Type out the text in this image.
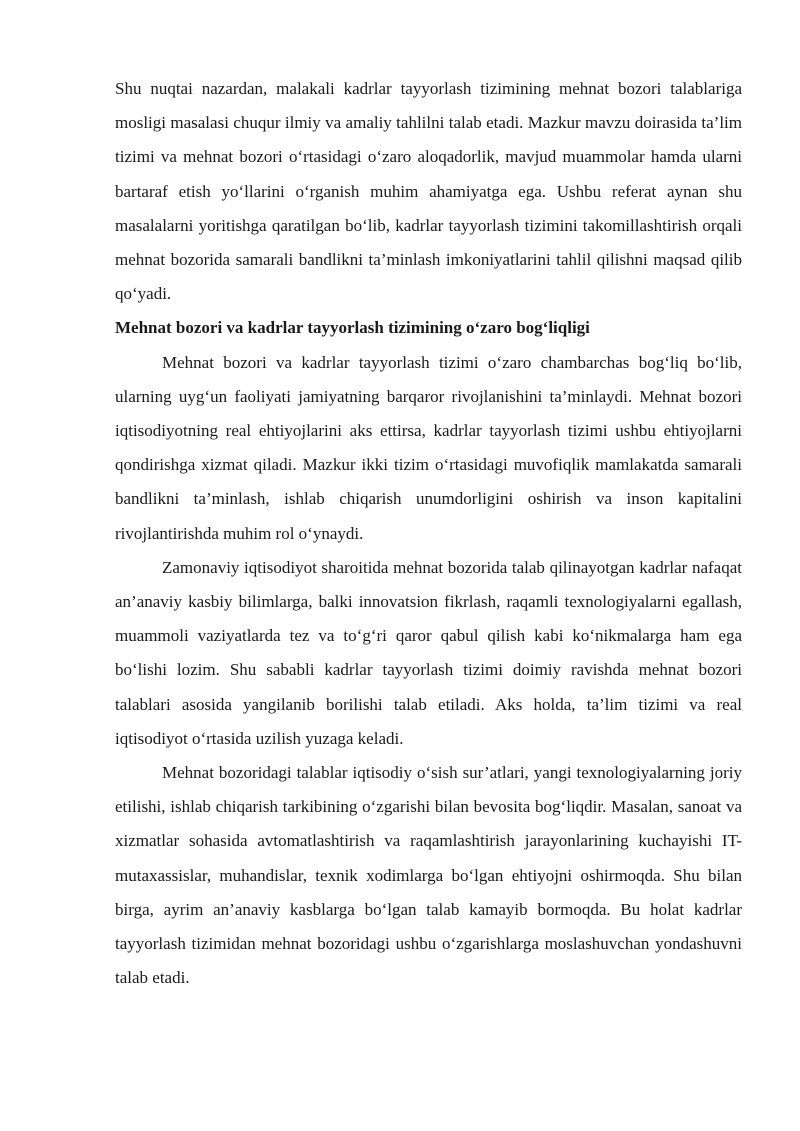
Shu nuqtai nazardan, malakali kadrlar tayyorlash tizimining mehnat bozori talablariga mosligi masalasi chuqur ilmiy va amaliy tahlilni talab etadi. Mazkur mavzu doirasida ta’lim tizimi va mehnat bozori o‘rtasidagi o‘zaro aloqadorlik, mavjud muammolar hamda ularni bartaraf etish yo‘llarini o‘rganish muhim ahamiyatga ega. Ushbu referat aynan shu masalalarni yoritishga qaratilgan bo‘lib, kadrlar tayyorlash tizimini takomillashtirish orqali mehnat bozorida samarali bandlikni ta’minlash imkoniyatlarini tahlil qilishni maqsad qilib qo‘yadi.

Mehnat bozori va kadrlar tayyorlash tizimining o‘zaro bog‘liqligi

Mehnat bozori va kadrlar tayyorlash tizimi o‘zaro chambarchas bog‘liq bo‘lib, ularning uyg‘un faoliyati jamiyatning barqaror rivojlanishini ta’minlaydi. Mehnat bozori iqtisodiyotning real ehtiyojlarini aks ettirsa, kadrlar tayyorlash tizimi ushbu ehtiyojlarni qondirishga xizmat qiladi. Mazkur ikki tizim o‘rtasidagi muvofiqlik mamlakatda samarali bandlikni ta’minlash, ishlab chiqarish unumdorligini oshirish va inson kapitalini rivojlantirishda muhim rol o‘ynaydi.

Zamonaviy iqtisodiyot sharoitida mehnat bozorida talab qilinayotgan kadrlar nafaqat an’anaviy kasbiy bilimlarga, balki innovatsion fikrlash, raqamli texnologiyalarni egallash, muammoli vaziyatlarda tez va to‘g‘ri qaror qabul qilish kabi ko‘nikmalarga ham ega bo‘lishi lozim. Shu sababli kadrlar tayyorlash tizimi doimiy ravishda mehnat bozori talablari asosida yangilanib borilishi talab etiladi. Aks holda, ta’lim tizimi va real iqtisodiyot o‘rtasida uzilish yuzaga keladi.

Mehnat bozoridagi talablar iqtisodiy o‘sish sur’atlari, yangi texnologiyalarning joriy etilishi, ishlab chiqarish tarkibining o‘zgarishi bilan bevosita bog‘liqdir. Masalan, sanoat va xizmatlar sohasida avtomatlashtirish va raqamlashtirish jarayonlarining kuchayishi IT-mutaxassislar, muhandislar, texnik xodimlarga bo‘lgan ehtiyojni oshirmoqda. Shu bilan birga, ayrim an’anaviy kasblarga bo‘lgan talab kamayib bormoqda. Bu holat kadrlar tayyorlash tizimidan mehnat bozoridagi ushbu o‘zgarishlarga moslashuvchan yondashuvni talab etadi.
